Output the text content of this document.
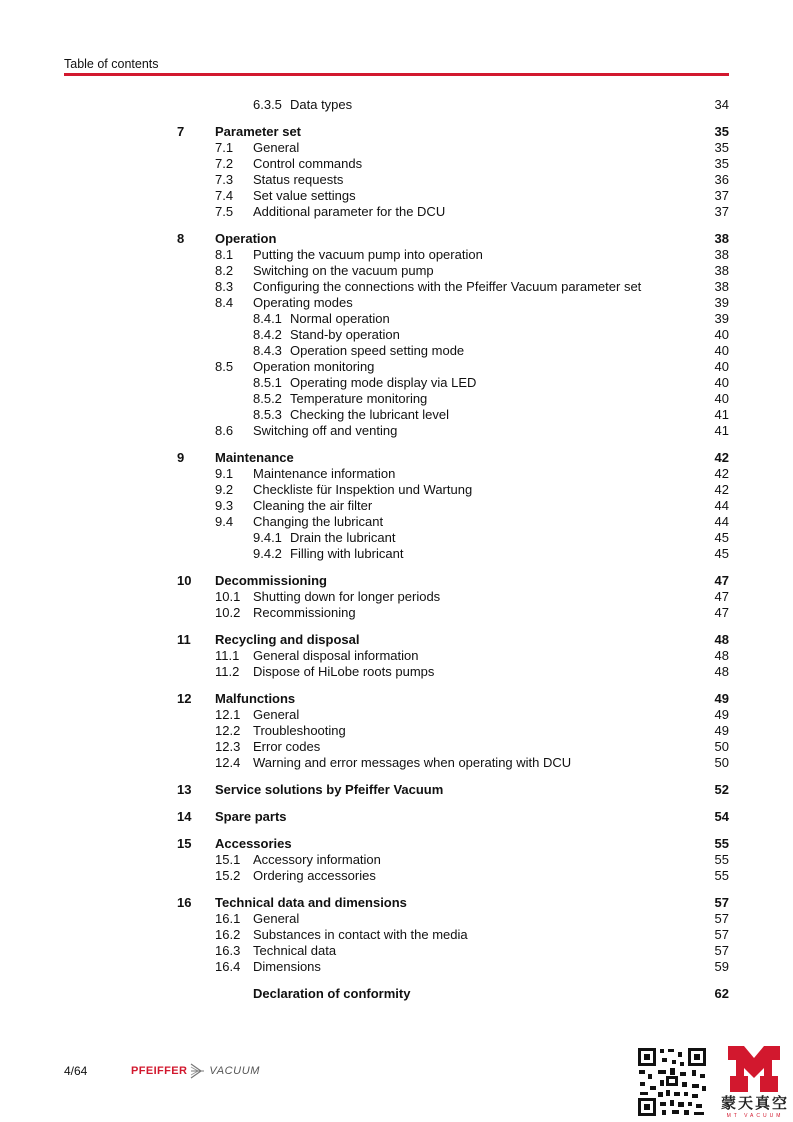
Table of contents
6.3.5 Data types	34
7 Parameter set	35
7.1 General	35
7.2 Control commands	35
7.3 Status requests	36
7.4 Set value settings	37
7.5 Additional parameter for the DCU	37
8 Operation	38
8.1 Putting the vacuum pump into operation	38
8.2 Switching on the vacuum pump	38
8.3 Configuring the connections with the Pfeiffer Vacuum parameter set	38
8.4 Operating modes	39
8.4.1 Normal operation	39
8.4.2 Stand-by operation	40
8.4.3 Operation speed setting mode	40
8.5 Operation monitoring	40
8.5.1 Operating mode display via LED	40
8.5.2 Temperature monitoring	40
8.5.3 Checking the lubricant level	41
8.6 Switching off and venting	41
9 Maintenance	42
9.1 Maintenance information	42
9.2 Checkliste für Inspektion und Wartung	42
9.3 Cleaning the air filter	44
9.4 Changing the lubricant	44
9.4.1 Drain the lubricant	45
9.4.2 Filling with lubricant	45
10 Decommissioning	47
10.1 Shutting down for longer periods	47
10.2 Recommissioning	47
11 Recycling and disposal	48
11.1 General disposal information	48
11.2 Dispose of HiLobe roots pumps	48
12 Malfunctions	49
12.1 General	49
12.2 Troubleshooting	49
12.3 Error codes	50
12.4 Warning and error messages when operating with DCU	50
13 Service solutions by Pfeiffer Vacuum	52
14 Spare parts	54
15 Accessories	55
15.1 Accessory information	55
15.2 Ordering accessories	55
16 Technical data and dimensions	57
16.1 General	57
16.2 Substances in contact with the media	57
16.3 Technical data	57
16.4 Dimensions	59
Declaration of conformity	62
4/64	PFEIFFER VACUUM
蒙天真空
MT VACUUM
